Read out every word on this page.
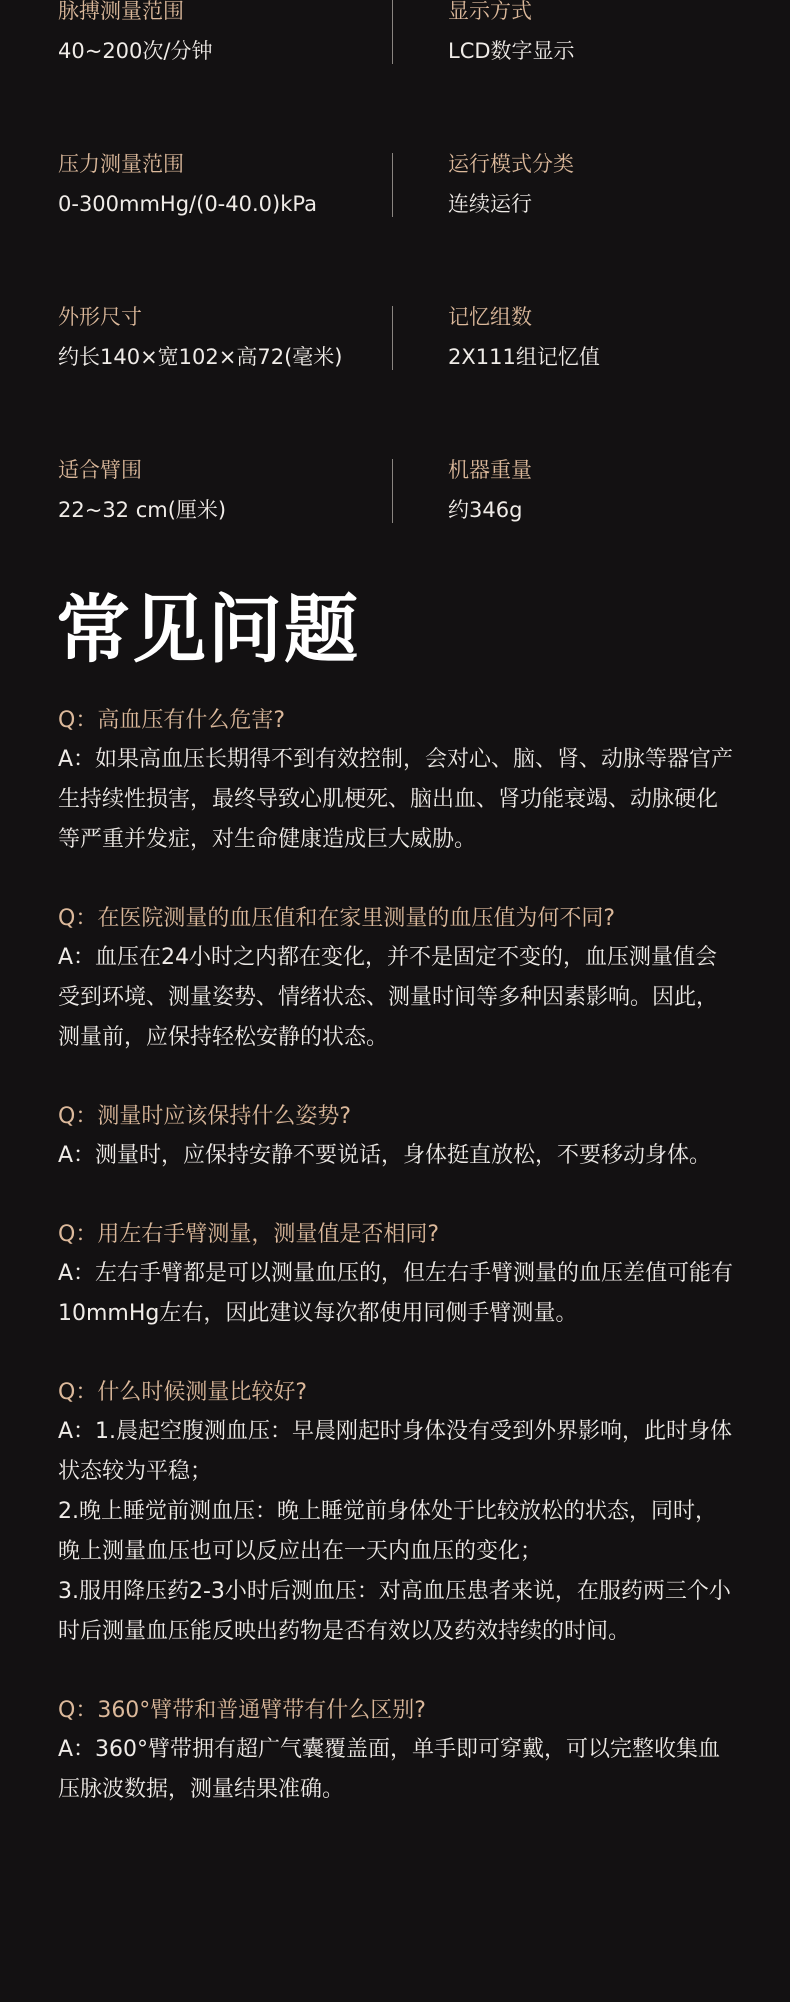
脉搏测量范围
40~200次/分钟
显示方式
LCD数字显示
压力测量范围
0-300mmHg/(0-40.0)kPa
运行模式分类
连续运行
外形尺寸
约长140×宽102×高72(毫米)
记忆组数
2X111组记忆值
适合臂围
22~32 cm(厘米)
机器重量
约346g
常见问题
Q：高血压有什么危害?

A：如果高血压长期得不到有效控制，会对心、脑、肾、动脉等器官产生持续性损害，最终导致心肌梗死、脑出血、肾功能衰竭、动脉硬化等严重并发症，对生命健康造成巨大威胁。

Q：在医院测量的血压值和在家里测量的血压值为何不同?

A：血压在24小时之内都在变化，并不是固定不变的，血压测量值会受到环境、测量姿势、情绪状态、测量时间等多种因素影响。因此，测量前，应保持轻松安静的状态。

Q：测量时应该保持什么姿势?

A：测量时，应保持安静不要说话，身体挺直放松，不要移动身体。

Q：用左右手臂测量，测量值是否相同?

A：左右手臂都是可以测量血压的，但左右手臂测量的血压差值可能有10mmHg左右，因此建议每次都使用同侧手臂测量。

Q：什么时候测量比较好?

A：1.晨起空腹测血压：早晨刚起时身体没有受到外界影响，此时身体状态较为平稳；

2.晚上睡觉前测血压：晚上睡觉前身体处于比较放松的状态，同时，晚上测量血压也可以反应出在一天内血压的变化；

3.服用降压药2-3小时后测血压：对高血压患者来说，在服药两三个小时后测量血压能反映出药物是否有效以及药效持续的时间。

Q：360°臂带和普通臂带有什么区别?

A：360°臂带拥有超广气囊覆盖面，单手即可穿戴，可以完整收集血压脉波数据，测量结果准确。
